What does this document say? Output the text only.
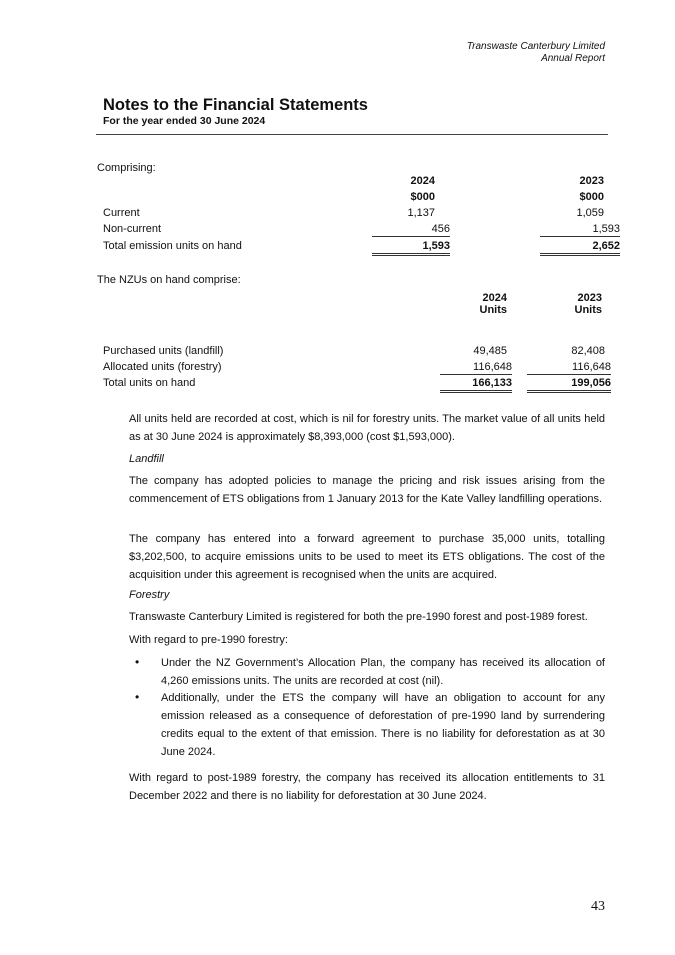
Transwaste Canterbury Limited
Annual Report
Notes to the Financial Statements
For the year ended 30 June 2024
Comprising:
2024	2023
$000	$000
Current	1,137	1,059
Non-current	456	1,593
Total emission units on hand	1,593	2,652
The NZUs on hand comprise:
2024	2023
Units	Units
Purchased units (landfill)	49,485	82,408
Allocated units (forestry)	116,648	116,648
Total units on hand	166,133	199,056
All units held are recorded at cost, which is nil for forestry units. The market value of all units held as at 30 June 2024 is approximately $8,393,000 (cost $1,593,000).
Landfill
The company has adopted policies to manage the pricing and risk issues arising from the commencement of ETS obligations from 1 January 2013 for the Kate Valley landfilling operations.
The company has entered into a forward agreement to purchase 35,000 units, totalling $3,202,500, to acquire emissions units to be used to meet its ETS obligations. The cost of the acquisition under this agreement is recognised when the units are acquired.
Forestry
Transwaste Canterbury Limited is registered for both the pre-1990 forest and post-1989 forest.
With regard to pre-1990 forestry:
• Under the NZ Government’s Allocation Plan, the company has received its allocation of 4,260 emissions units. The units are recorded at cost (nil).
• Additionally, under the ETS the company will have an obligation to account for any emission released as a consequence of deforestation of pre-1990 land by surrendering credits equal to the extent of that emission. There is no liability for deforestation as at 30 June 2024.
With regard to post-1989 forestry, the company has received its allocation entitlements to 31 December 2022 and there is no liability for deforestation at 30 June 2024.
43
